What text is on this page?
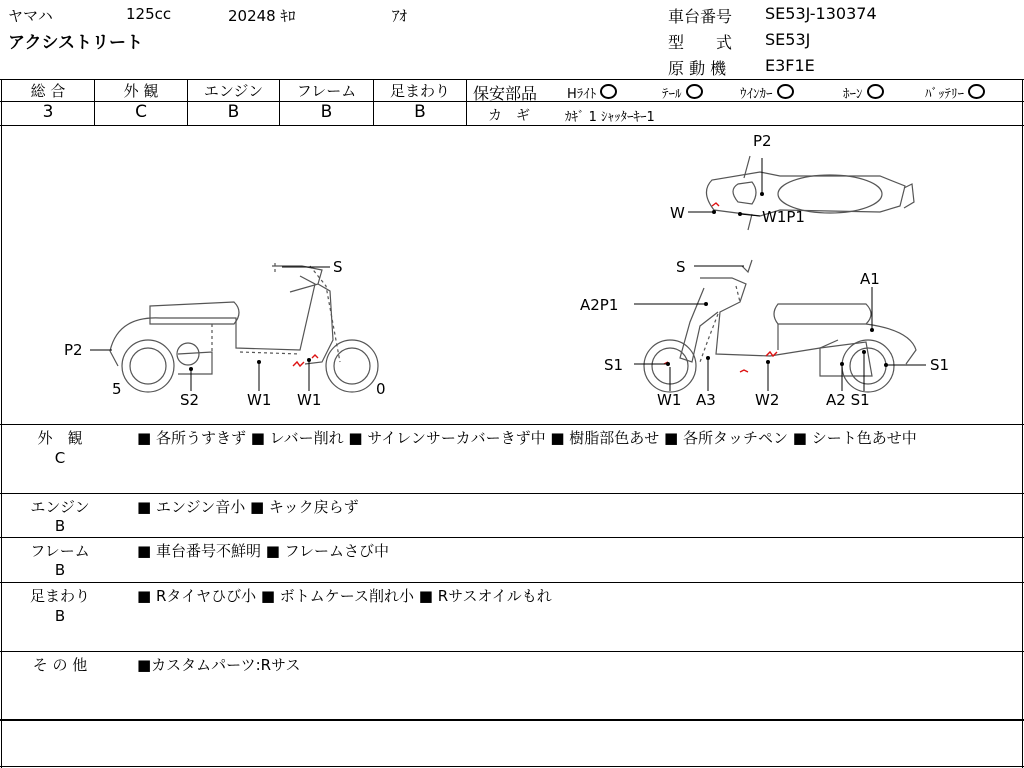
ヤマハ	125cc	20248 ｷﾛ	ｱｵ
アクシストリート
車台番号 SE53J-130374
型　　式 SE53J
原 動 機 E3F1E
総 合	外 観	エンジン	フレーム	足まわり
3	C	B	B	B
保安部品 Hﾗｲﾄ	ﾃｰﾙ	ｳｲﾝｶｰ	ﾎｰﾝ	ﾊﾞｯﾃﾘｰ
カ　ギ	ｶｷﾞ 1 ｼｬｯﾀｰｷｰ1
S
P2
5	0
S2	W1 W1
P2
W	W1P1
S
A1
A2P1
S1	S1
W1 A3	W2	A2 S1
外　観
C
■ 各所うすきず ■ レバー削れ ■ サイレンサーカバーきず中 ■ 樹脂部色あせ ■ 各所タッチペン ■ シート色あせ中
エンジン
B
■ エンジン音小 ■ キック戻らず
フレーム
B
■ 車台番号不鮮明 ■ フレームさび中
足まわり
B
■ Rタイヤひび小 ■ ボトムケース削れ小 ■ Rサスオイルもれ
そ の 他	■カスタムパーツ:Rサス
